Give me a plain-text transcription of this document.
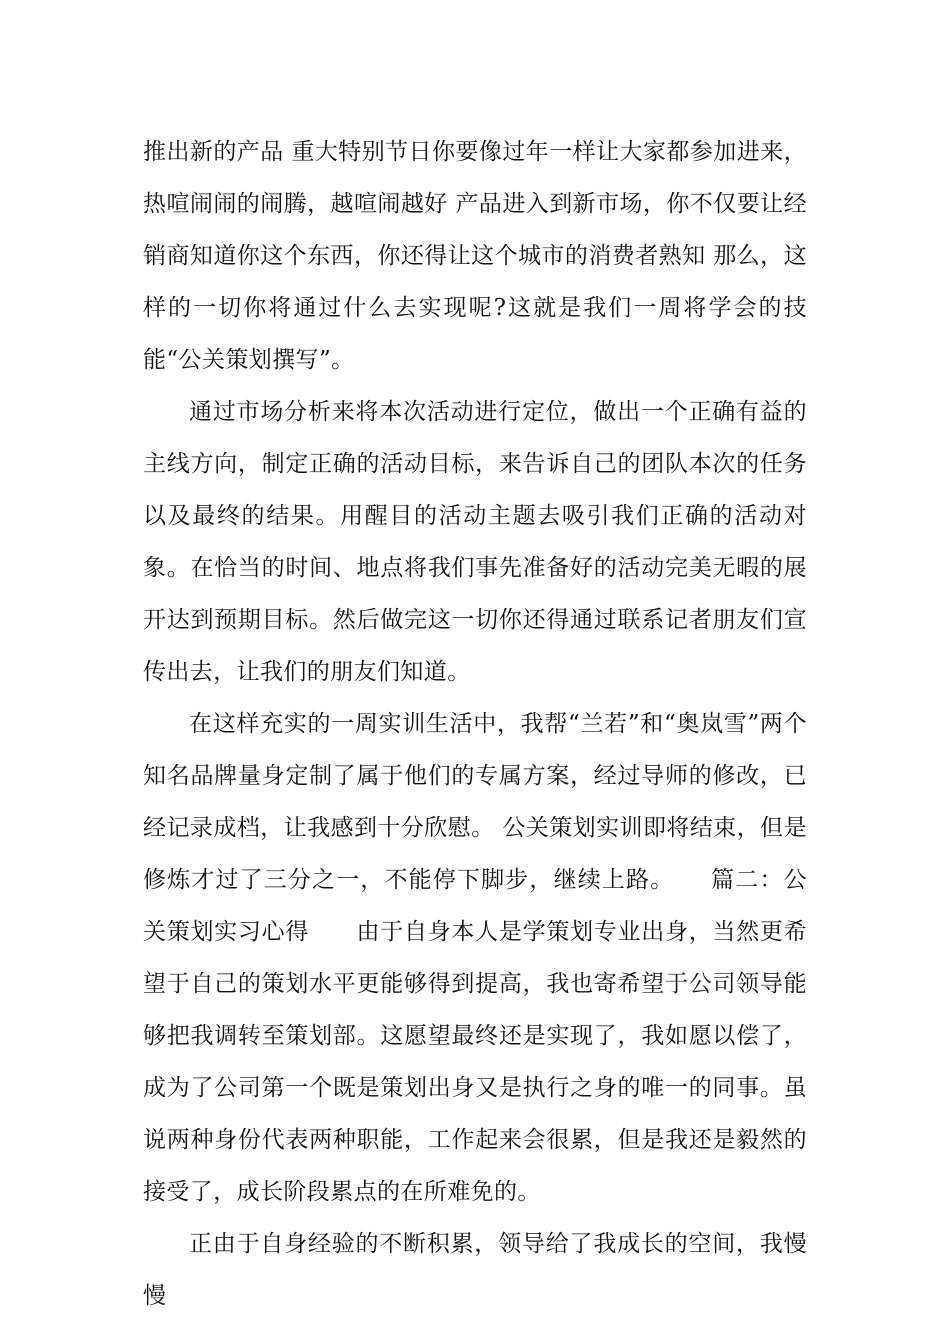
推出新的产品 重大特别节日你要像过年一样让大家都参加进来，热喧闹闹的闹腾，越喧闹越好 产品进入到新市场，你不仅要让经销商知道你这个东西，你还得让这个城市的消费者熟知 那么，这样的一切你将通过什么去实现呢?这就是我们一周将学会的技能“公关策划撰写”。

通过市场分析来将本次活动进行定位，做出一个正确有益的主线方向，制定正确的活动目标，来告诉自己的团队本次的任务以及最终的结果。用醒目的活动主题去吸引我们正确的活动对象。在恰当的时间、地点将我们事先准备好的活动完美无暇的展开达到预期目标。然后做完这一切你还得通过联系记者朋友们宣传出去，让我们的朋友们知道。

在这样充实的一周实训生活中，我帮“兰若”和“奥岚雪”两个知名品牌量身定制了属于他们的专属方案，经过导师的修改，已经记录成档，让我感到十分欣慰。 公关策划实训即将结束，但是修炼才过了三分之一，不能停下脚步，继续上路。　　篇二：公关策划实习心得　　由于自身本人是学策划专业出身，当然更希望于自己的策划水平更能够得到提高，我也寄希望于公司领导能够把我调转至策划部。这愿望最终还是实现了，我如愿以偿了，成为了公司第一个既是策划出身又是执行之身的唯一的同事。虽说两种身份代表两种职能，工作起来会很累，但是我还是毅然的接受了，成长阶段累点的在所难免的。

正由于自身经验的不断积累，领导给了我成长的空间，我慢慢
